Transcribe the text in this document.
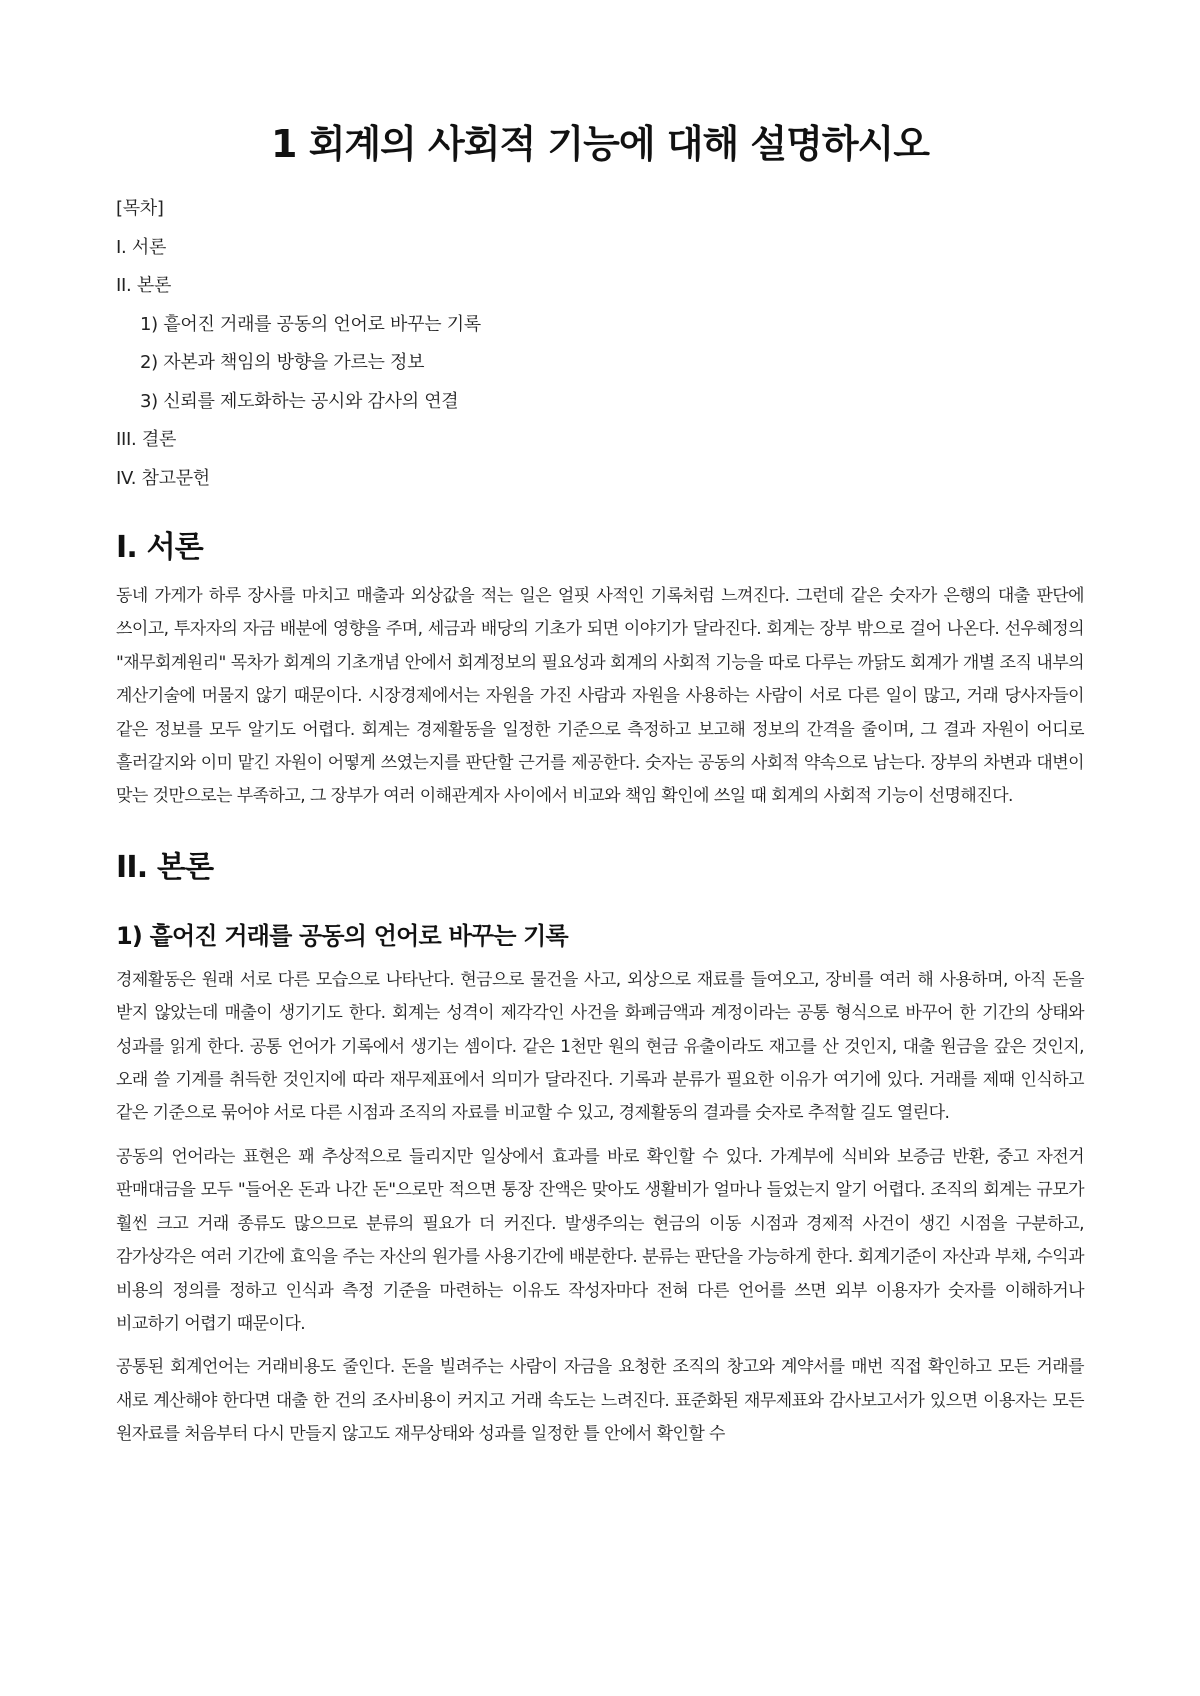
1 회계의 사회적 기능에 대해 설명하시오
[목차]
I. 서론
II. 본론
1) 흩어진 거래를 공동의 언어로 바꾸는 기록
2) 자본과 책임의 방향을 가르는 정보
3) 신뢰를 제도화하는 공시와 감사의 연결
III. 결론
IV. 참고문헌
I. 서론

동네 가게가 하루 장사를 마치고 매출과 외상값을 적는 일은 얼핏 사적인 기록처럼 느껴진다. 그런데 같은 숫자가 은행의 대출 판단에 쓰이고, 투자자의 자금 배분에 영향을 주며, 세금과 배당의 기초가 되면 이야기가 달라진다. 회계는 장부 밖으로 걸어 나온다. 선우혜정의 "재무회계원리" 목차가 회계의 기초개념 안에서 회계정보의 필요성과 회계의 사회적 기능을 따로 다루는 까닭도 회계가 개별 조직 내부의 계산기술에 머물지 않기 때문이다. 시장경제에서는 자원을 가진 사람과 자원을 사용하는 사람이 서로 다른 일이 많고, 거래 당사자들이 같은 정보를 모두 알기도 어렵다. 회계는 경제활동을 일정한 기준으로 측정하고 보고해 정보의 간격을 줄이며, 그 결과 자원이 어디로 흘러갈지와 이미 맡긴 자원이 어떻게 쓰였는지를 판단할 근거를 제공한다. 숫자는 공동의 사회적 약속으로 남는다. 장부의 차변과 대변이 맞는 것만으로는 부족하고, 그 장부가 여러 이해관계자 사이에서 비교와 책임 확인에 쓰일 때 회계의 사회적 기능이 선명해진다.

II. 본론
1) 흩어진 거래를 공동의 언어로 바꾸는 기록

경제활동은 원래 서로 다른 모습으로 나타난다. 현금으로 물건을 사고, 외상으로 재료를 들여오고, 장비를 여러 해 사용하며, 아직 돈을 받지 않았는데 매출이 생기기도 한다. 회계는 성격이 제각각인 사건을 화폐금액과 계정이라는 공통 형식으로 바꾸어 한 기간의 상태와 성과를 읽게 한다. 공통 언어가 기록에서 생기는 셈이다. 같은 1천만 원의 현금 유출이라도 재고를 산 것인지, 대출 원금을 갚은 것인지, 오래 쓸 기계를 취득한 것인지에 따라 재무제표에서 의미가 달라진다. 기록과 분류가 필요한 이유가 여기에 있다. 거래를 제때 인식하고 같은 기준으로 묶어야 서로 다른 시점과 조직의 자료를 비교할 수 있고, 경제활동의 결과를 숫자로 추적할 길도 열린다.

공동의 언어라는 표현은 꽤 추상적으로 들리지만 일상에서 효과를 바로 확인할 수 있다. 가계부에 식비와 보증금 반환, 중고 자전거 판매대금을 모두 "들어온 돈과 나간 돈"으로만 적으면 통장 잔액은 맞아도 생활비가 얼마나 들었는지 알기 어렵다. 조직의 회계는 규모가 훨씬 크고 거래 종류도 많으므로 분류의 필요가 더 커진다. 발생주의는 현금의 이동 시점과 경제적 사건이 생긴 시점을 구분하고, 감가상각은 여러 기간에 효익을 주는 자산의 원가를 사용기간에 배분한다. 분류는 판단을 가능하게 한다. 회계기준이 자산과 부채, 수익과 비용의 정의를 정하고 인식과 측정 기준을 마련하는 이유도 작성자마다 전혀 다른 언어를 쓰면 외부 이용자가 숫자를 이해하거나 비교하기 어렵기 때문이다.

공통된 회계언어는 거래비용도 줄인다. 돈을 빌려주는 사람이 자금을 요청한 조직의 창고와 계약서를 매번 직접 확인하고 모든 거래를 새로 계산해야 한다면 대출 한 건의 조사비용이 커지고 거래 속도는 느려진다. 표준화된 재무제표와 감사보고서가 있으면 이용자는 모든 원자료를 처음부터 다시 만들지 않고도 재무상태와 성과를 일정한 틀 안에서 확인할 수
